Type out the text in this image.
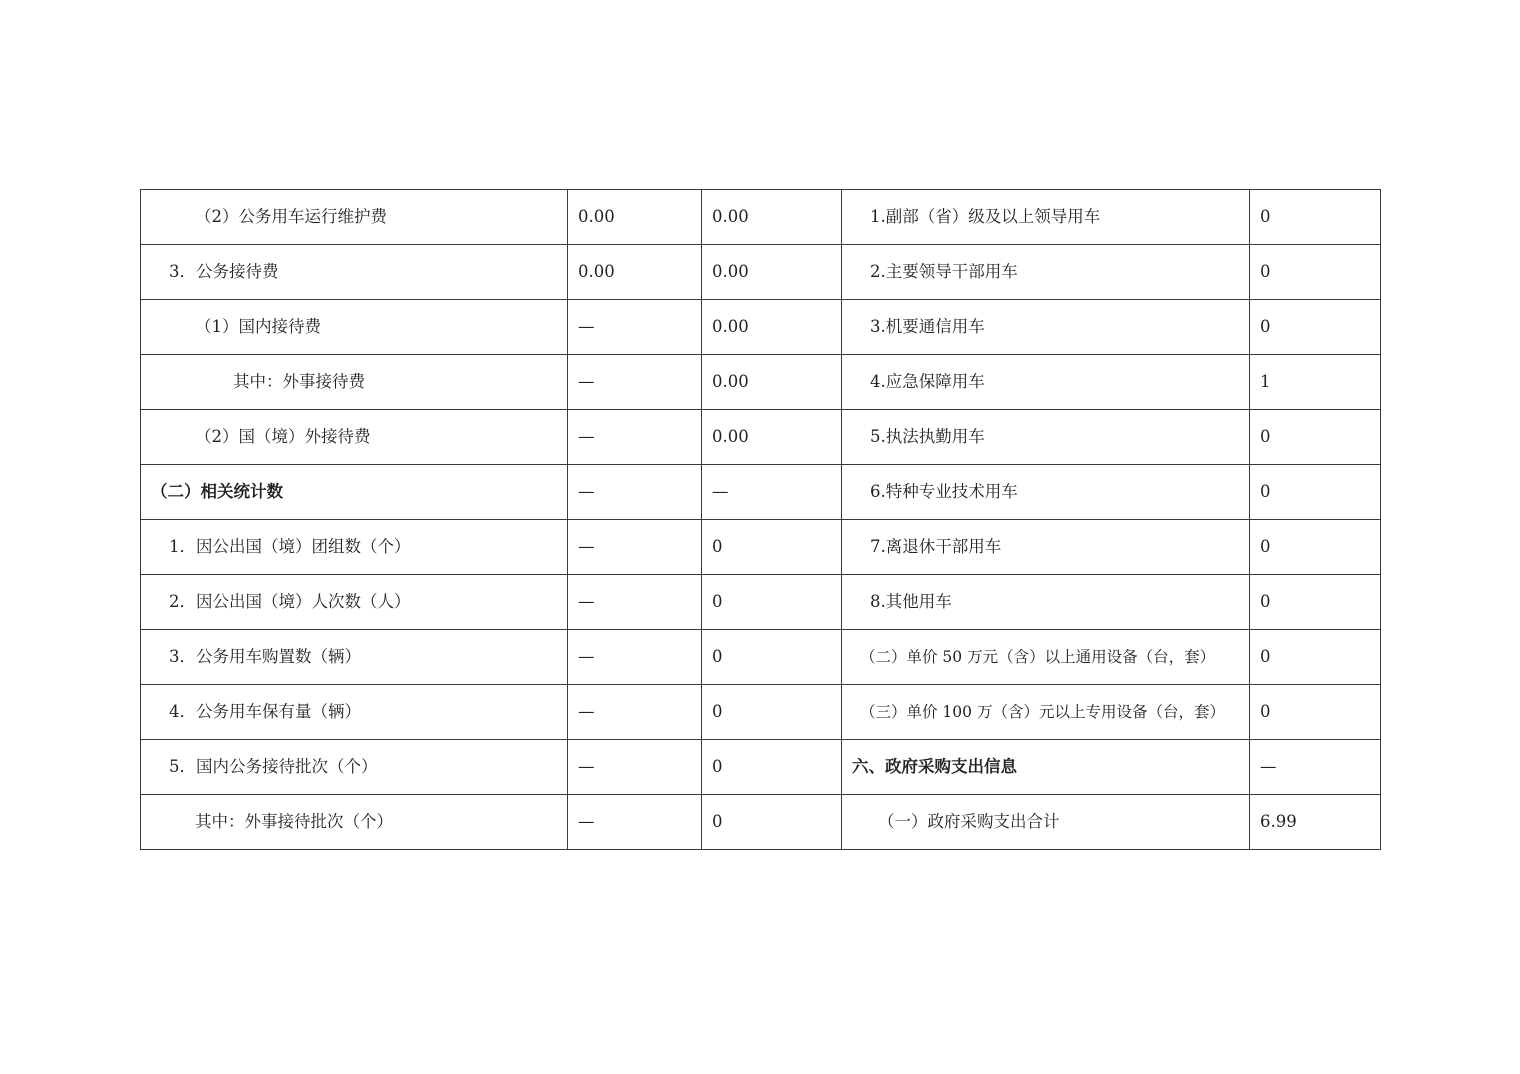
（2）公务用车运行维护费	0.00	0.00	1.副部（省）级及以上领导用车	0
3．公务接待费	0.00	0.00	2.主要领导干部用车	0
（1）国内接待费	—	0.00	3.机要通信用车	0
其中：外事接待费	—	0.00	4.应急保障用车	1
（2）国（境）外接待费	—	0.00	5.执法执勤用车	0
（二）相关统计数	—	—	6.特种专业技术用车	0
1．因公出国（境）团组数（个）	—	0	7.离退休干部用车	0
2．因公出国（境）人次数（人）	—	0	8.其他用车	0
3．公务用车购置数（辆）	—	0	（二）单价 50 万元（含）以上通用设备（台，套）	0
4．公务用车保有量（辆）	—	0	（三）单价 100 万（含）元以上专用设备（台，套）	0
5．国内公务接待批次（个）	—	0	六、政府采购支出信息	—
其中：外事接待批次（个）	—	0	（一）政府采购支出合计	6.99
